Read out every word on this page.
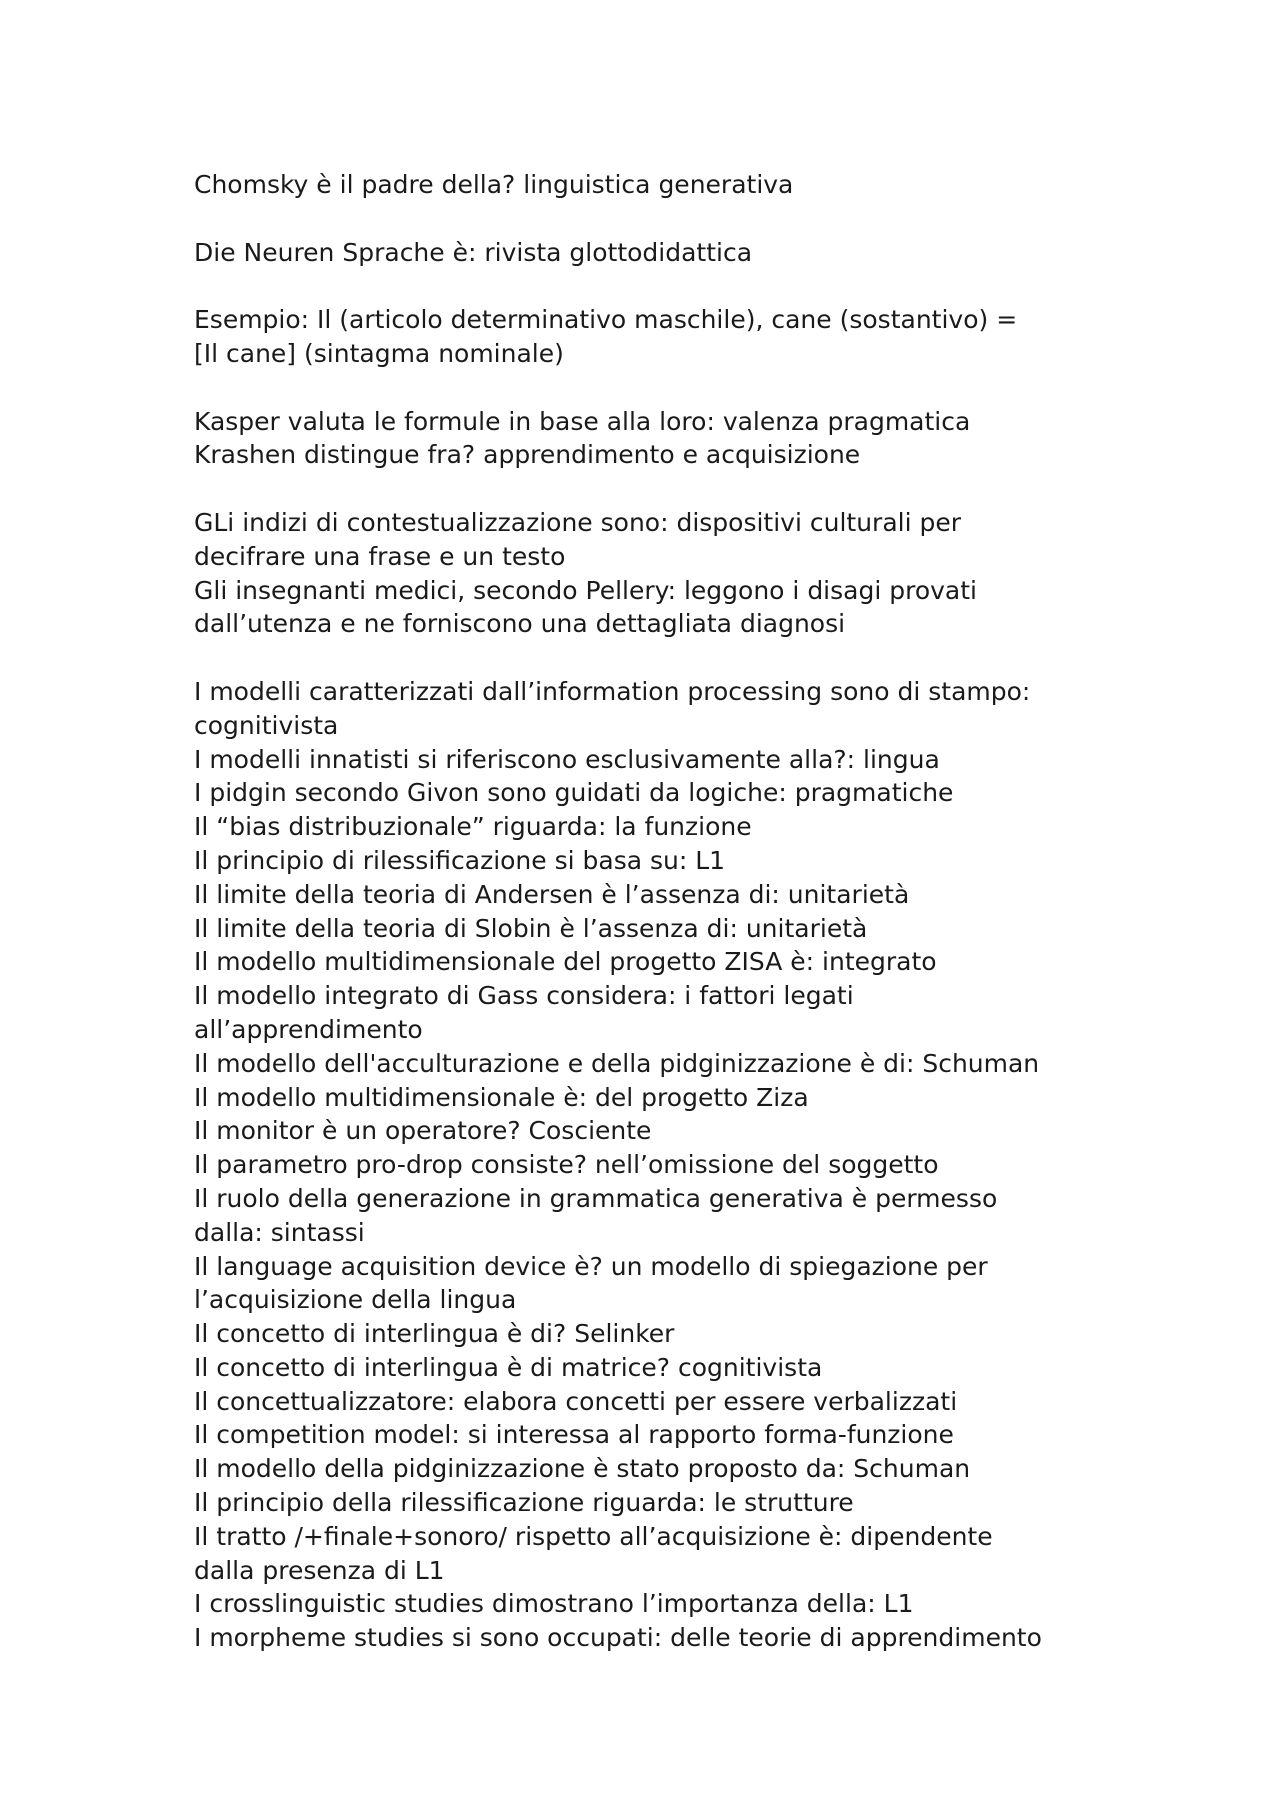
Chomsky è il padre della? linguistica generativa
Die Neuren Sprache è: rivista glottodidattica
Esempio: Il (articolo determinativo maschile), cane (sostantivo) =
[Il cane] (sintagma nominale)
Kasper valuta le formule in base alla loro: valenza pragmatica
Krashen distingue fra? apprendimento e acquisizione
GLi indizi di contestualizzazione sono: dispositivi culturali per
decifrare una frase e un testo
Gli insegnanti medici, secondo Pellery: leggono i disagi provati
dall’utenza e ne forniscono una dettagliata diagnosi
I modelli caratterizzati dall’information processing sono di stampo:
cognitivista
I modelli innatisti si riferiscono esclusivamente alla?: lingua
I pidgin secondo Givon sono guidati da logiche: pragmatiche
Il “bias distribuzionale” riguarda: la funzione
Il principio di rilessificazione si basa su: L1
Il limite della teoria di Andersen è l’assenza di: unitarietà
Il limite della teoria di Slobin è l’assenza di: unitarietà
Il modello multidimensionale del progetto ZISA è: integrato
Il modello integrato di Gass considera: i fattori legati
all’apprendimento
Il modello dell'acculturazione e della pidginizzazione è di: Schuman
Il modello multidimensionale è: del progetto Ziza
Il monitor è un operatore? Cosciente
Il parametro pro-drop consiste? nell’omissione del soggetto
Il ruolo della generazione in grammatica generativa è permesso
dalla: sintassi
Il language acquisition device è? un modello di spiegazione per
l’acquisizione della lingua
Il concetto di interlingua è di? Selinker
Il concetto di interlingua è di matrice? cognitivista
Il concettualizzatore: elabora concetti per essere verbalizzati
Il competition model: si interessa al rapporto forma-funzione
Il modello della pidginizzazione è stato proposto da: Schuman
Il principio della rilessificazione riguarda: le strutture
Il tratto /+finale+sonoro/ rispetto all’acquisizione è: dipendente
dalla presenza di L1
I crosslinguistic studies dimostrano l’importanza della: L1
I morpheme studies si sono occupati: delle teorie di apprendimento
